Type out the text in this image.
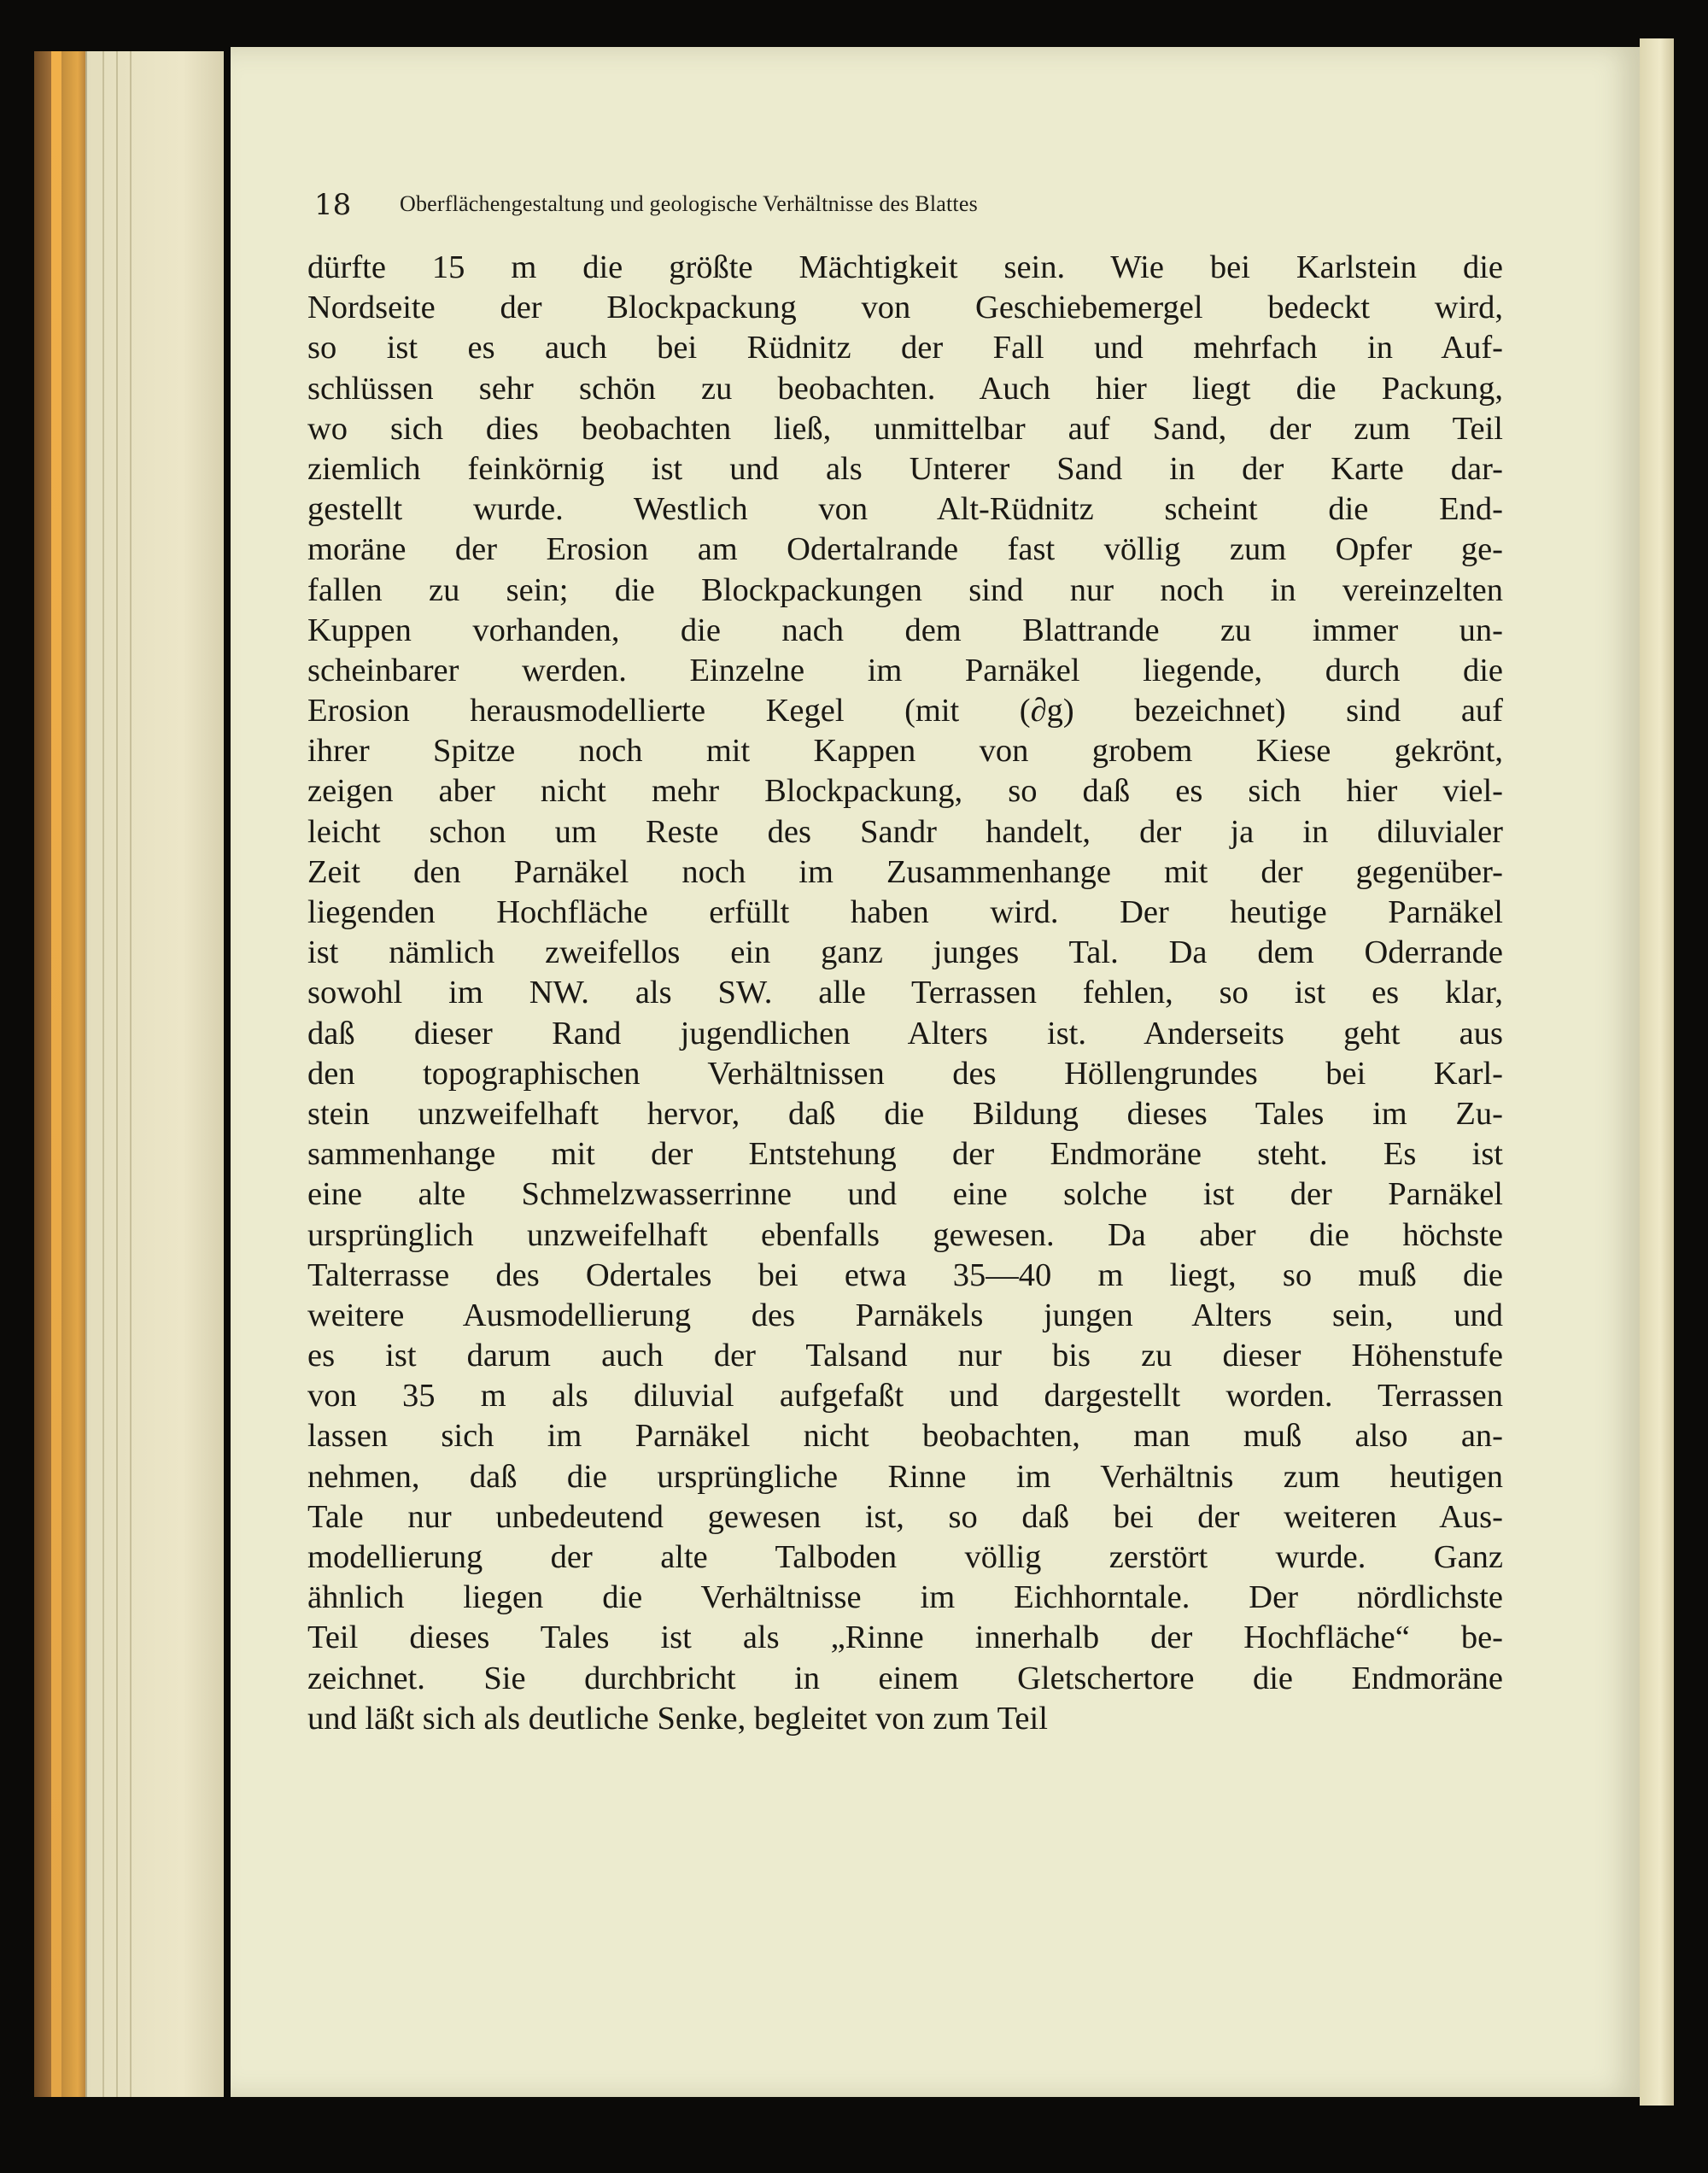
18 Oberflächengestaltung und geologische Verhältnisse des Blattes
dürfte 15 m die größte Mächtigkeit sein. Wie bei Karlstein die
Nordseite der Blockpackung von Geschiebemergel bedeckt wird,
so ist es auch bei Rüdnitz der Fall und mehrfach in Auf-
schlüssen sehr schön zu beobachten. Auch hier liegt die Packung,
wo sich dies beobachten ließ, unmittelbar auf Sand, der zum Teil
ziemlich feinkörnig ist und als Unterer Sand in der Karte dar-
gestellt wurde. Westlich von Alt-Rüdnitz scheint die End-
moräne der Erosion am Odertalrande fast völlig zum Opfer ge-
fallen zu sein; die Blockpackungen sind nur noch in vereinzelten
Kuppen vorhanden, die nach dem Blattrande zu immer un-
scheinbarer werden. Einzelne im Parnäkel liegende, durch die
Erosion herausmodellierte Kegel (mit (∂g) bezeichnet) sind auf
ihrer Spitze noch mit Kappen von grobem Kiese gekrönt,
zeigen aber nicht mehr Blockpackung, so daß es sich hier viel-
leicht schon um Reste des Sandr handelt, der ja in diluvialer
Zeit den Parnäkel noch im Zusammenhange mit der gegenüber-
liegenden Hochfläche erfüllt haben wird. Der heutige Parnäkel
ist nämlich zweifellos ein ganz junges Tal. Da dem Oderrande
sowohl im NW. als SW. alle Terrassen fehlen, so ist es klar,
daß dieser Rand jugendlichen Alters ist. Anderseits geht aus
den topographischen Verhältnissen des Höllengrundes bei Karl-
stein unzweifelhaft hervor, daß die Bildung dieses Tales im Zu-
sammenhange mit der Entstehung der Endmoräne steht. Es ist
eine alte Schmelzwasserrinne und eine solche ist der Parnäkel
ursprünglich unzweifelhaft ebenfalls gewesen. Da aber die höchste
Talterrasse des Odertales bei etwa 35—40 m liegt, so muß die
weitere Ausmodellierung des Parnäkels jungen Alters sein, und
es ist darum auch der Talsand nur bis zu dieser Höhenstufe
von 35 m als diluvial aufgefaßt und dargestellt worden. Terrassen
lassen sich im Parnäkel nicht beobachten, man muß also an-
nehmen, daß die ursprüngliche Rinne im Verhältnis zum heutigen
Tale nur unbedeutend gewesen ist, so daß bei der weiteren Aus-
modellierung der alte Talboden völlig zerstört wurde. Ganz
ähnlich liegen die Verhältnisse im Eichhorntale. Der nördlichste
Teil dieses Tales ist als „Rinne innerhalb der Hochfläche“ be-
zeichnet. Sie durchbricht in einem Gletschertore die Endmoräne
und läßt sich als deutliche Senke, begleitet von zum Teil
